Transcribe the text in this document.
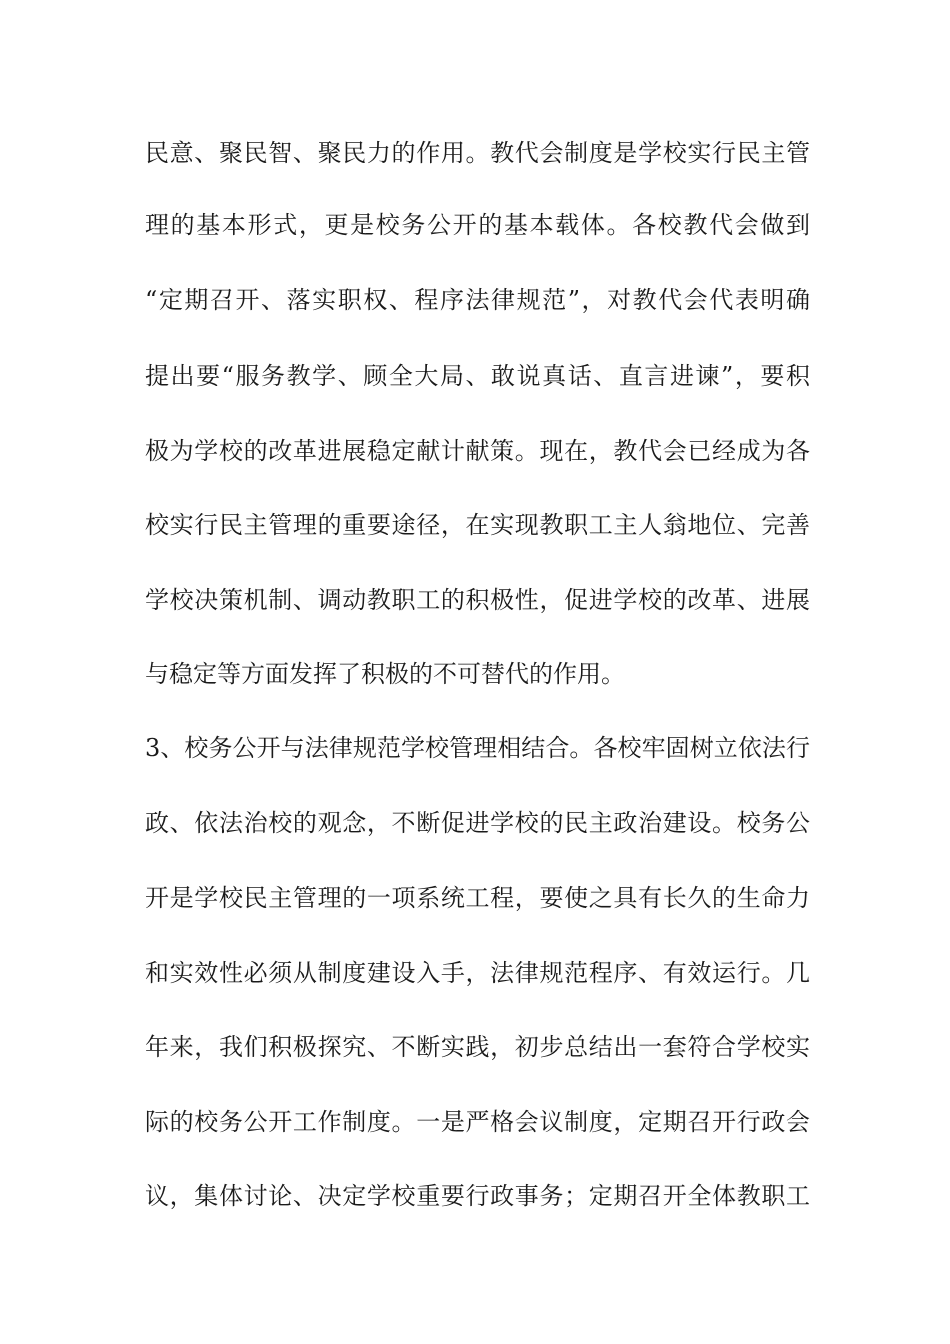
民意、聚民智、聚民力的作用。教代会制度是学校实行民主管
理的基本形式，更是校务公开的基本载体。各校教代会做到
“定期召开、落实职权、程序法律规范”，对教代会代表明确
提出要“服务教学、顾全大局、敢说真话、直言进谏”，要积
极为学校的改革进展稳定献计献策。现在，教代会已经成为各
校实行民主管理的重要途径，在实现教职工主人翁地位、完善
学校决策机制、调动教职工的积极性，促进学校的改革、进展
与稳定等方面发挥了积极的不可替代的作用。
3、校务公开与法律规范学校管理相结合。各校牢固树立依法行
政、依法治校的观念，不断促进学校的民主政治建设。校务公
开是学校民主管理的一项系统工程，要使之具有长久的生命力
和实效性必须从制度建设入手，法律规范程序、有效运行。几
年来，我们积极探究、不断实践，初步总结出一套符合学校实
际的校务公开工作制度。一是严格会议制度，定期召开行政会
议，集体讨论、决定学校重要行政事务；定期召开全体教职工
